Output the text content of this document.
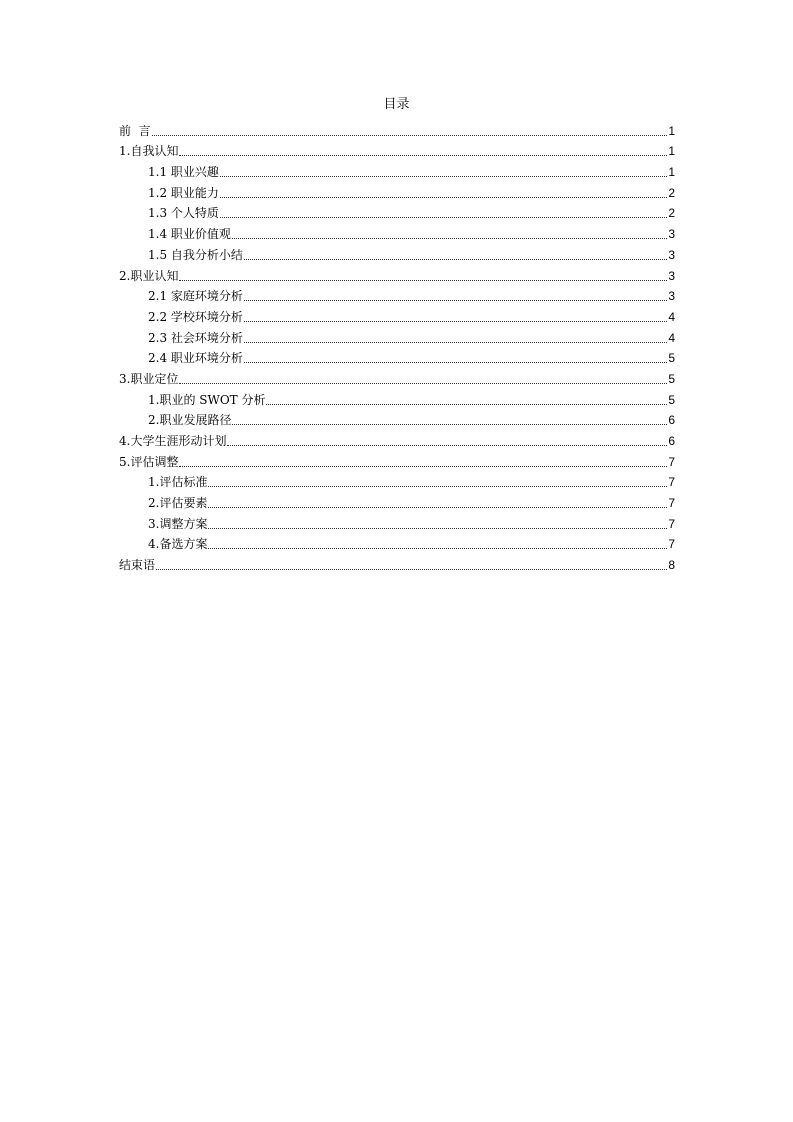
目录
前  言	1
1.自我认知	1
1.1 职业兴趣	1
1.2 职业能力	2
1.3 个人特质	2
1.4 职业价值观	3
1.5 自我分析小结	3
2.职业认知	3
2.1 家庭环境分析	3
2.2 学校环境分析	4
2.3 社会环境分析	4
2.4 职业环境分析	5
3.职业定位	5
1.职业的 SWOT 分析	5
2.职业发展路径	6
4.大学生涯形动计划	6
5.评估调整	7
1.评估标准	7
2.评估要素	7
3.调整方案	7
4.备选方案	7
结束语	8
